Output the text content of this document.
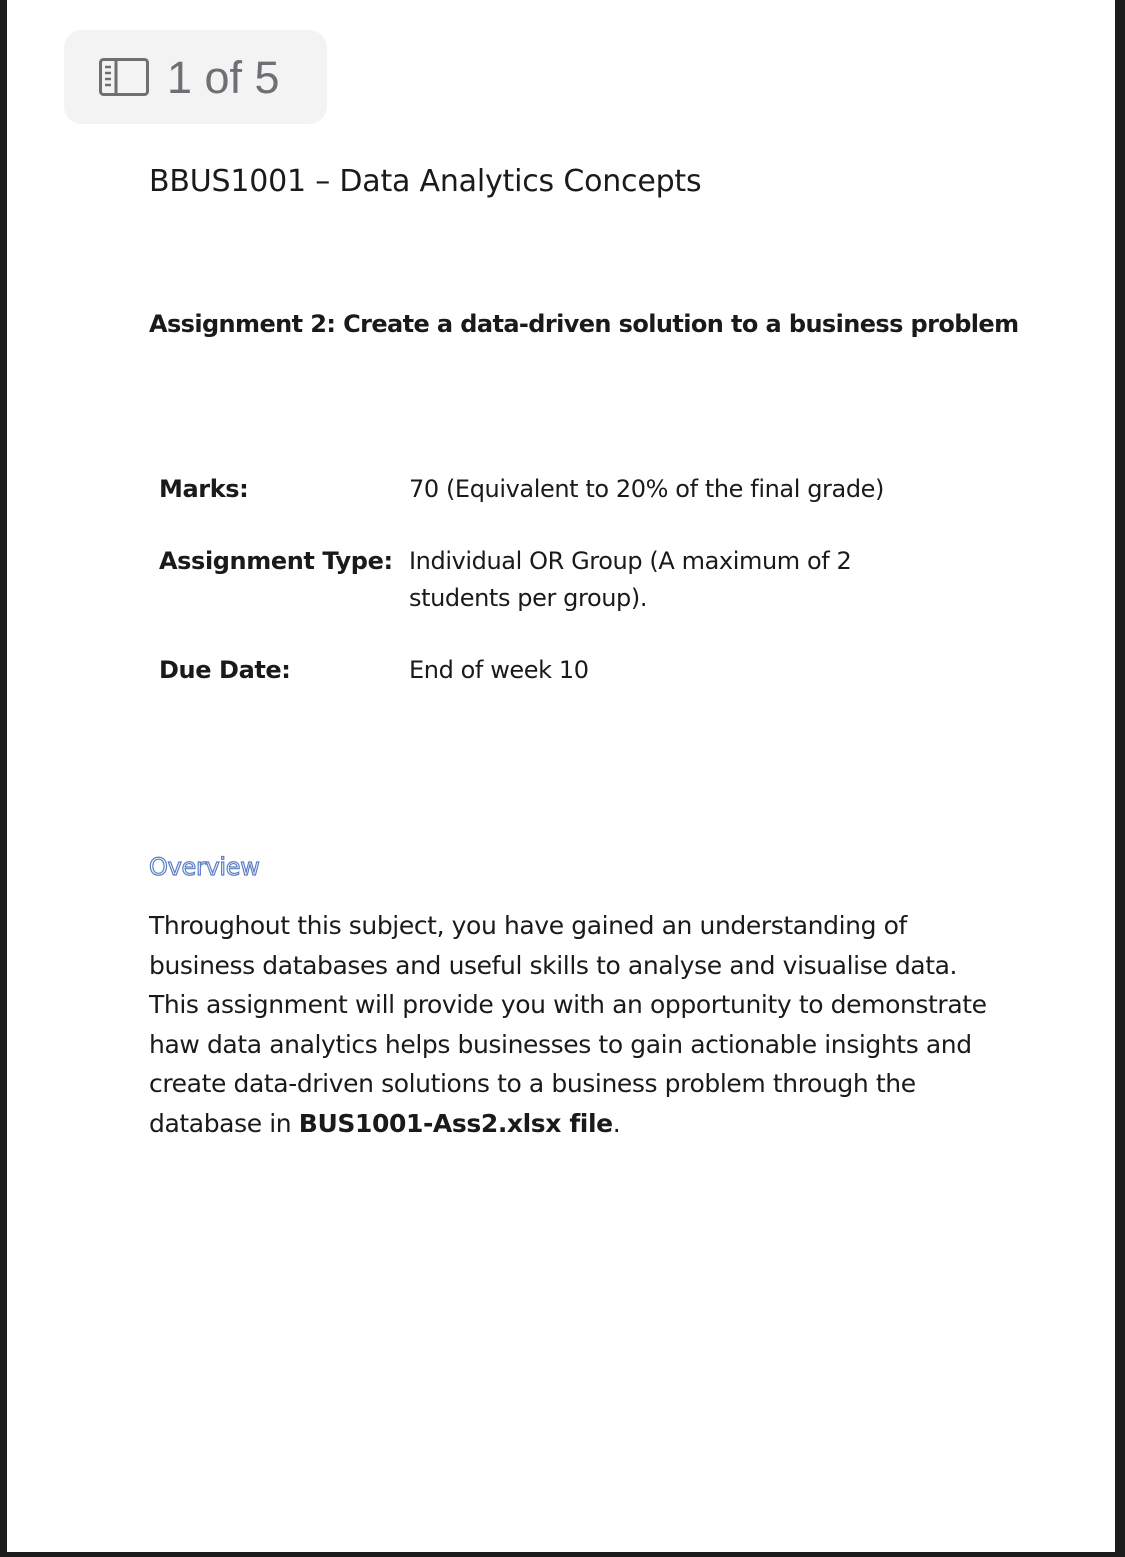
1 of 5
BBUS1001 – Data Analytics Concepts
Assignment 2: Create a data-driven solution to a business problem
Marks:	70 (Equivalent to 20% of the final grade)
Assignment Type: Individual OR Group (A maximum of 2 students per group).
Due Date:	End of week 10
Overview

Throughout this subject, you have gained an understanding of business databases and useful skills to analyse and visualise data. This assignment will provide you with an opportunity to demonstrate haw data analytics helps businesses to gain actionable insights and create data-driven solutions to a business problem through the database in BUS1001-Ass2.xlsx file.
